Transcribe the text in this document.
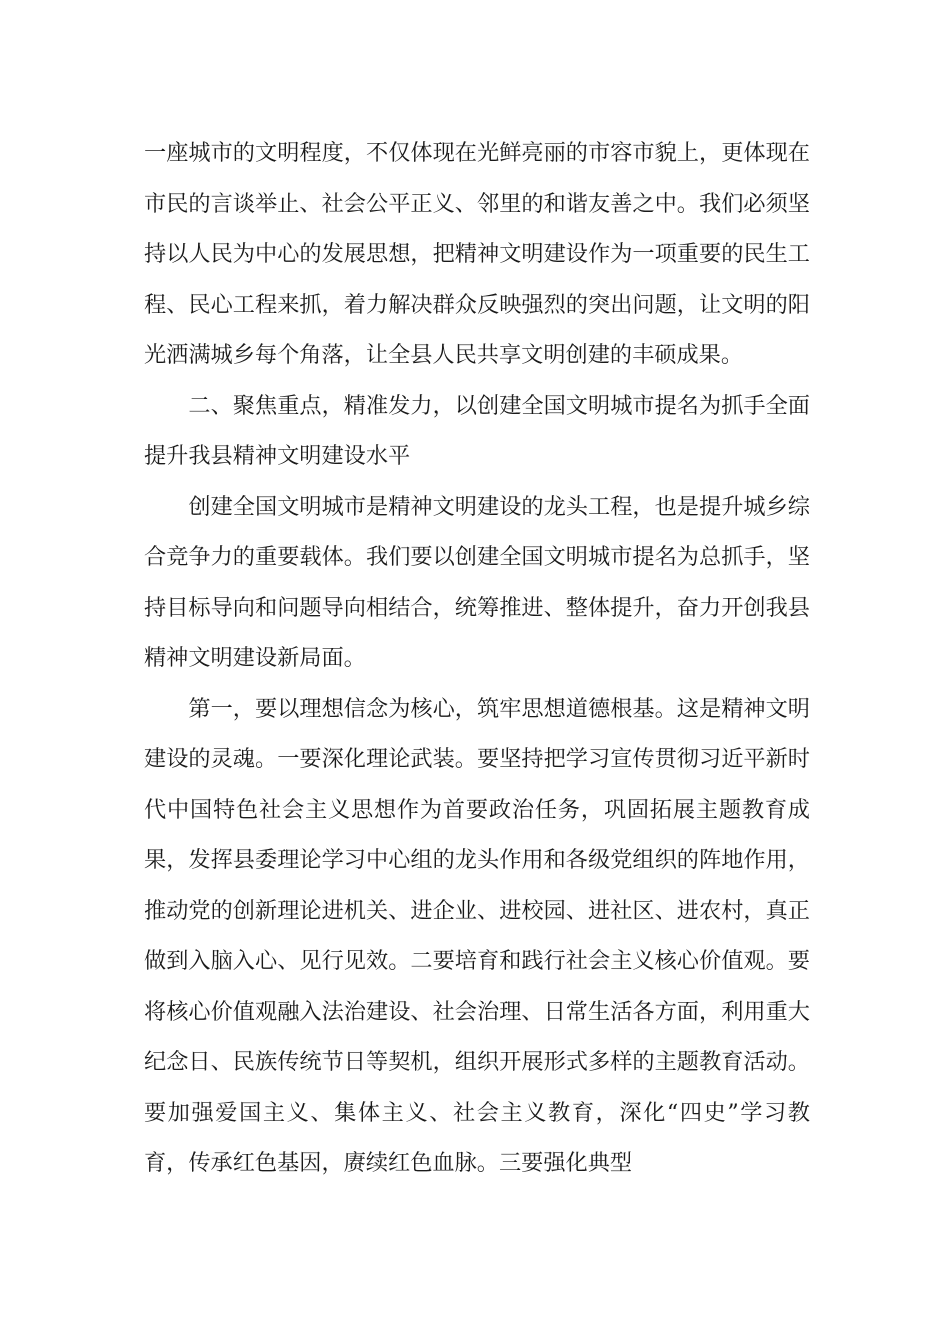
一座城市的文明程度，不仅体现在光鲜亮丽的市容市貌上，更体现在市民的言谈举止、社会公平正义、邻里的和谐友善之中。我们必须坚持以人民为中心的发展思想，把精神文明建设作为一项重要的民生工程、民心工程来抓，着力解决群众反映强烈的突出问题，让文明的阳光洒满城乡每个角落，让全县人民共享文明创建的丰硕成果。

二、聚焦重点，精准发力，以创建全国文明城市提名为抓手全面提升我县精神文明建设水平

创建全国文明城市是精神文明建设的龙头工程，也是提升城乡综合竞争力的重要载体。我们要以创建全国文明城市提名为总抓手，坚持目标导向和问题导向相结合，统筹推进、整体提升，奋力开创我县精神文明建设新局面。

第一，要以理想信念为核心，筑牢思想道德根基。这是精神文明建设的灵魂。一要深化理论武装。要坚持把学习宣传贯彻习近平新时代中国特色社会主义思想作为首要政治任务，巩固拓展主题教育成果，发挥县委理论学习中心组的龙头作用和各级党组织的阵地作用，推动党的创新理论进机关、进企业、进校园、进社区、进农村，真正做到入脑入心、见行见效。二要培育和践行社会主义核心价值观。要将核心价值观融入法治建设、社会治理、日常生活各方面，利用重大纪念日、民族传统节日等契机，组织开展形式多样的主题教育活动。要加强爱国主义、集体主义、社会主义教育，深化“四史”学习教育，传承红色基因，赓续红色血脉。三要强化典型
